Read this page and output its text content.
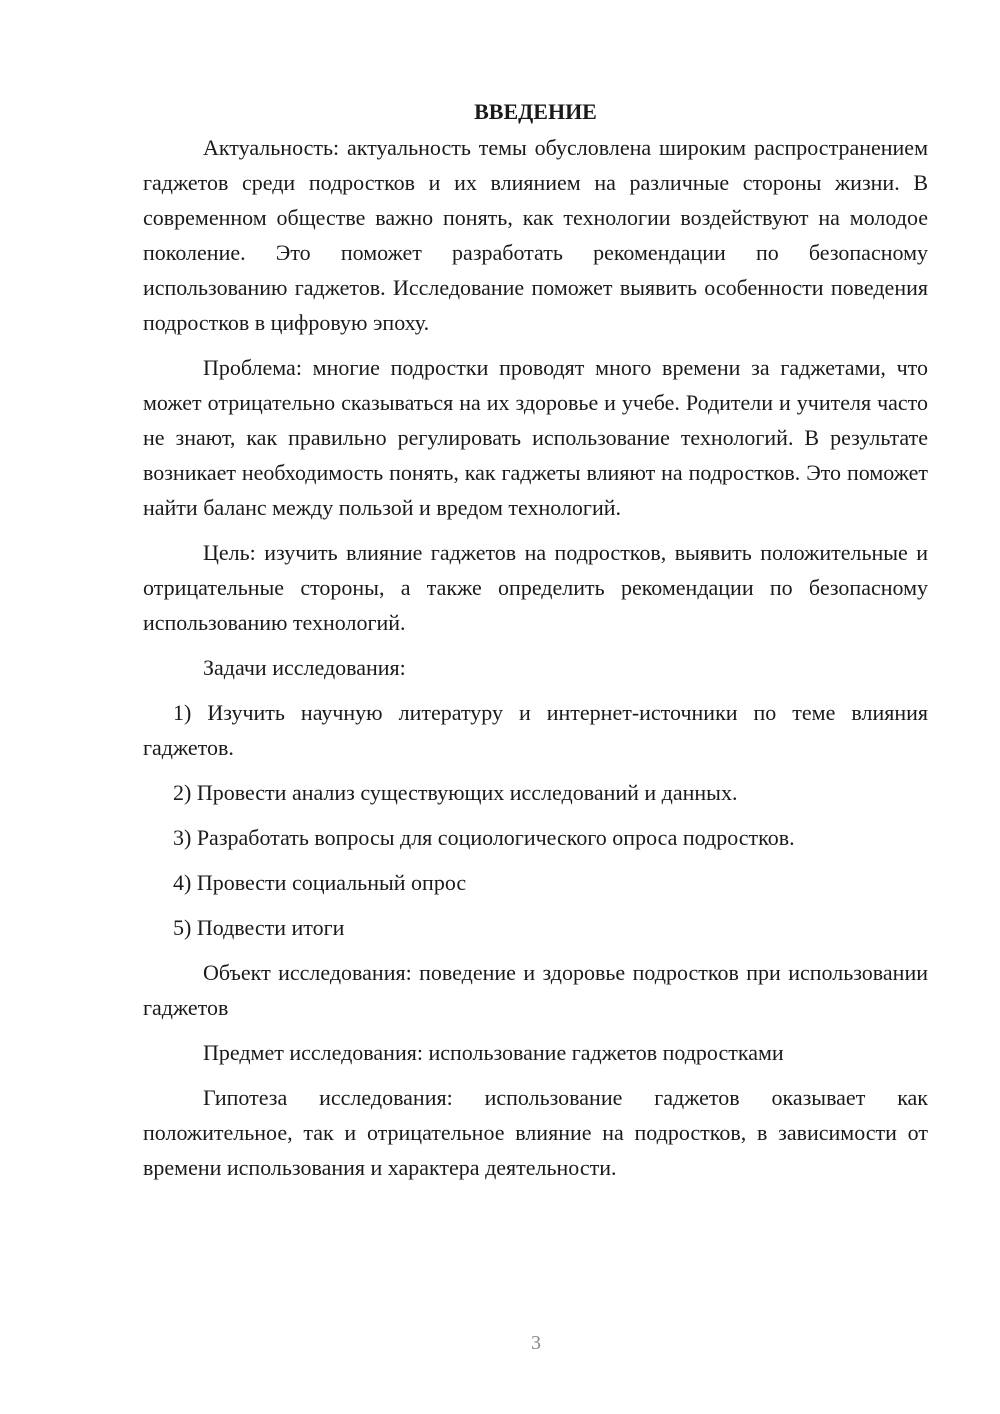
ВВЕДЕНИЕ

Актуальность: актуальность темы обусловлена широким распространением гаджетов среди подростков и их влиянием на различные стороны жизни. В современном обществе важно понять, как технологии воздействуют на молодое поколение. Это поможет разработать рекомендации по безопасному использованию гаджетов. Исследование поможет выявить особенности поведения подростков в цифровую эпоху.

Проблема: многие подростки проводят много времени за гаджетами, что может отрицательно сказываться на их здоровье и учебе. Родители и учителя часто не знают, как правильно регулировать использование технологий. В результате возникает необходимость понять, как гаджеты влияют на подростков. Это поможет найти баланс между пользой и вредом технологий.

Цель: изучить влияние гаджетов на подростков, выявить положительные и отрицательные стороны, а также определить рекомендации по безопасному использованию технологий.

Задачи исследования:

1) Изучить научную литературу и интернет-источники по теме влияния гаджетов.

2) Провести анализ существующих исследований и данных.

3) Разработать вопросы для социологического опроса подростков.

4) Провести социальный опрос

5) Подвести итоги

Объект исследования: поведение и здоровье подростков при использовании гаджетов

Предмет исследования: использование гаджетов подростками

Гипотеза исследования: использование гаджетов оказывает как положительное, так и отрицательное влияние на подростков, в зависимости от времени использования и характера деятельности.

3
